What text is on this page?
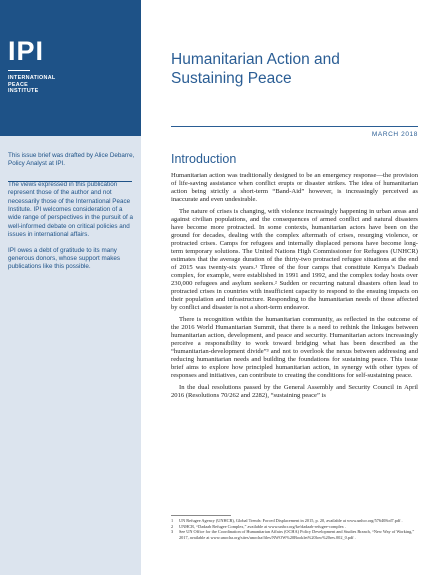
IPI
INTERNATIONAL
PEACE
INSTITUTE

This issue brief was drafted by Alice Debarre, Policy Analyst at IPI.

The views expressed in this publication represent those of the author and not necessarily those of the International Peace Institute. IPI welcomes consideration of a wide range of perspectives in the pursuit of a well-informed debate on critical policies and issues in international affairs.

IPI owes a debt of gratitude to its many generous donors, whose support makes publications like this possible.

Humanitarian Action and
Sustaining Peace
MARCH 2018
Introduction

Humanitarian action was traditionally designed to be an emergency response—the provision of life-saving assistance when conflict erupts or disaster strikes. The idea of humanitarian action being strictly a short-term “Band-Aid” however, is increasingly perceived as inaccurate and even undesirable.

The nature of crises is changing, with violence increasingly happening in urban areas and against civilian populations, and the consequences of armed conflict and natural disasters have become more protracted. In some contexts, humanitarian actors have been on the ground for decades, dealing with the complex aftermath of crises, resurging violence, or protracted crises. Camps for refugees and internally displaced persons have become long-term temporary solutions. The United Nations High Commissioner for Refugees (UNHCR) estimates that the average duration of the thirty-two protracted refugee situations at the end of 2015 was twenty-six years.¹ Three of the four camps that constitute Kenya’s Dadaab complex, for example, were established in 1991 and 1992, and the complex today hosts over 230,000 refugees and asylum seekers.² Sudden or recurring natural disasters often lead to protracted crises in countries with insufficient capacity to respond to the ensuing impacts on their population and infrastructure. Responding to the humanitarian needs of those affected by conflict and disaster is not a short-term endeavor.

There is recognition within the humanitarian community, as reflected in the outcome of the 2016 World Humanitarian Summit, that there is a need to rethink the linkages between humanitarian action, development, and peace and security. Humanitarian actors increasingly perceive a responsibility to work toward bridging what has been described as the “humanitarian-development divide”³ and not to overlook the nexus between addressing and reducing humanitarian needs and building the foundations for sustaining peace. This issue brief aims to explore how principled humanitarian action, in synergy with other types of responses and initiatives, can contribute to creating the conditions for self-sustaining peace.

In the dual resolutions passed by the General Assembly and Security Council in April 2016 (Resolutions 70/262 and 2282), “sustaining peace” is

1	UN Refugee Agency (UNHCR), Global Trends: Forced Displacement in 2015, p. 20, available at www.unhcr.org/576408cd7.pdf .
2	UNHCR, “Dadaab Refugee Complex,” available at www.unhcr.org/ke/dadaab-refugee-complex .
3	See UN Office for the Coordination of Humanitarian Affairs (OCHA) Policy Development and Studies Branch, “New Way of Working,” 2017, available at www.unocha.org/sites/unocha/files/NWOW%20Booklet%20low%20res.002_0.pdf .
